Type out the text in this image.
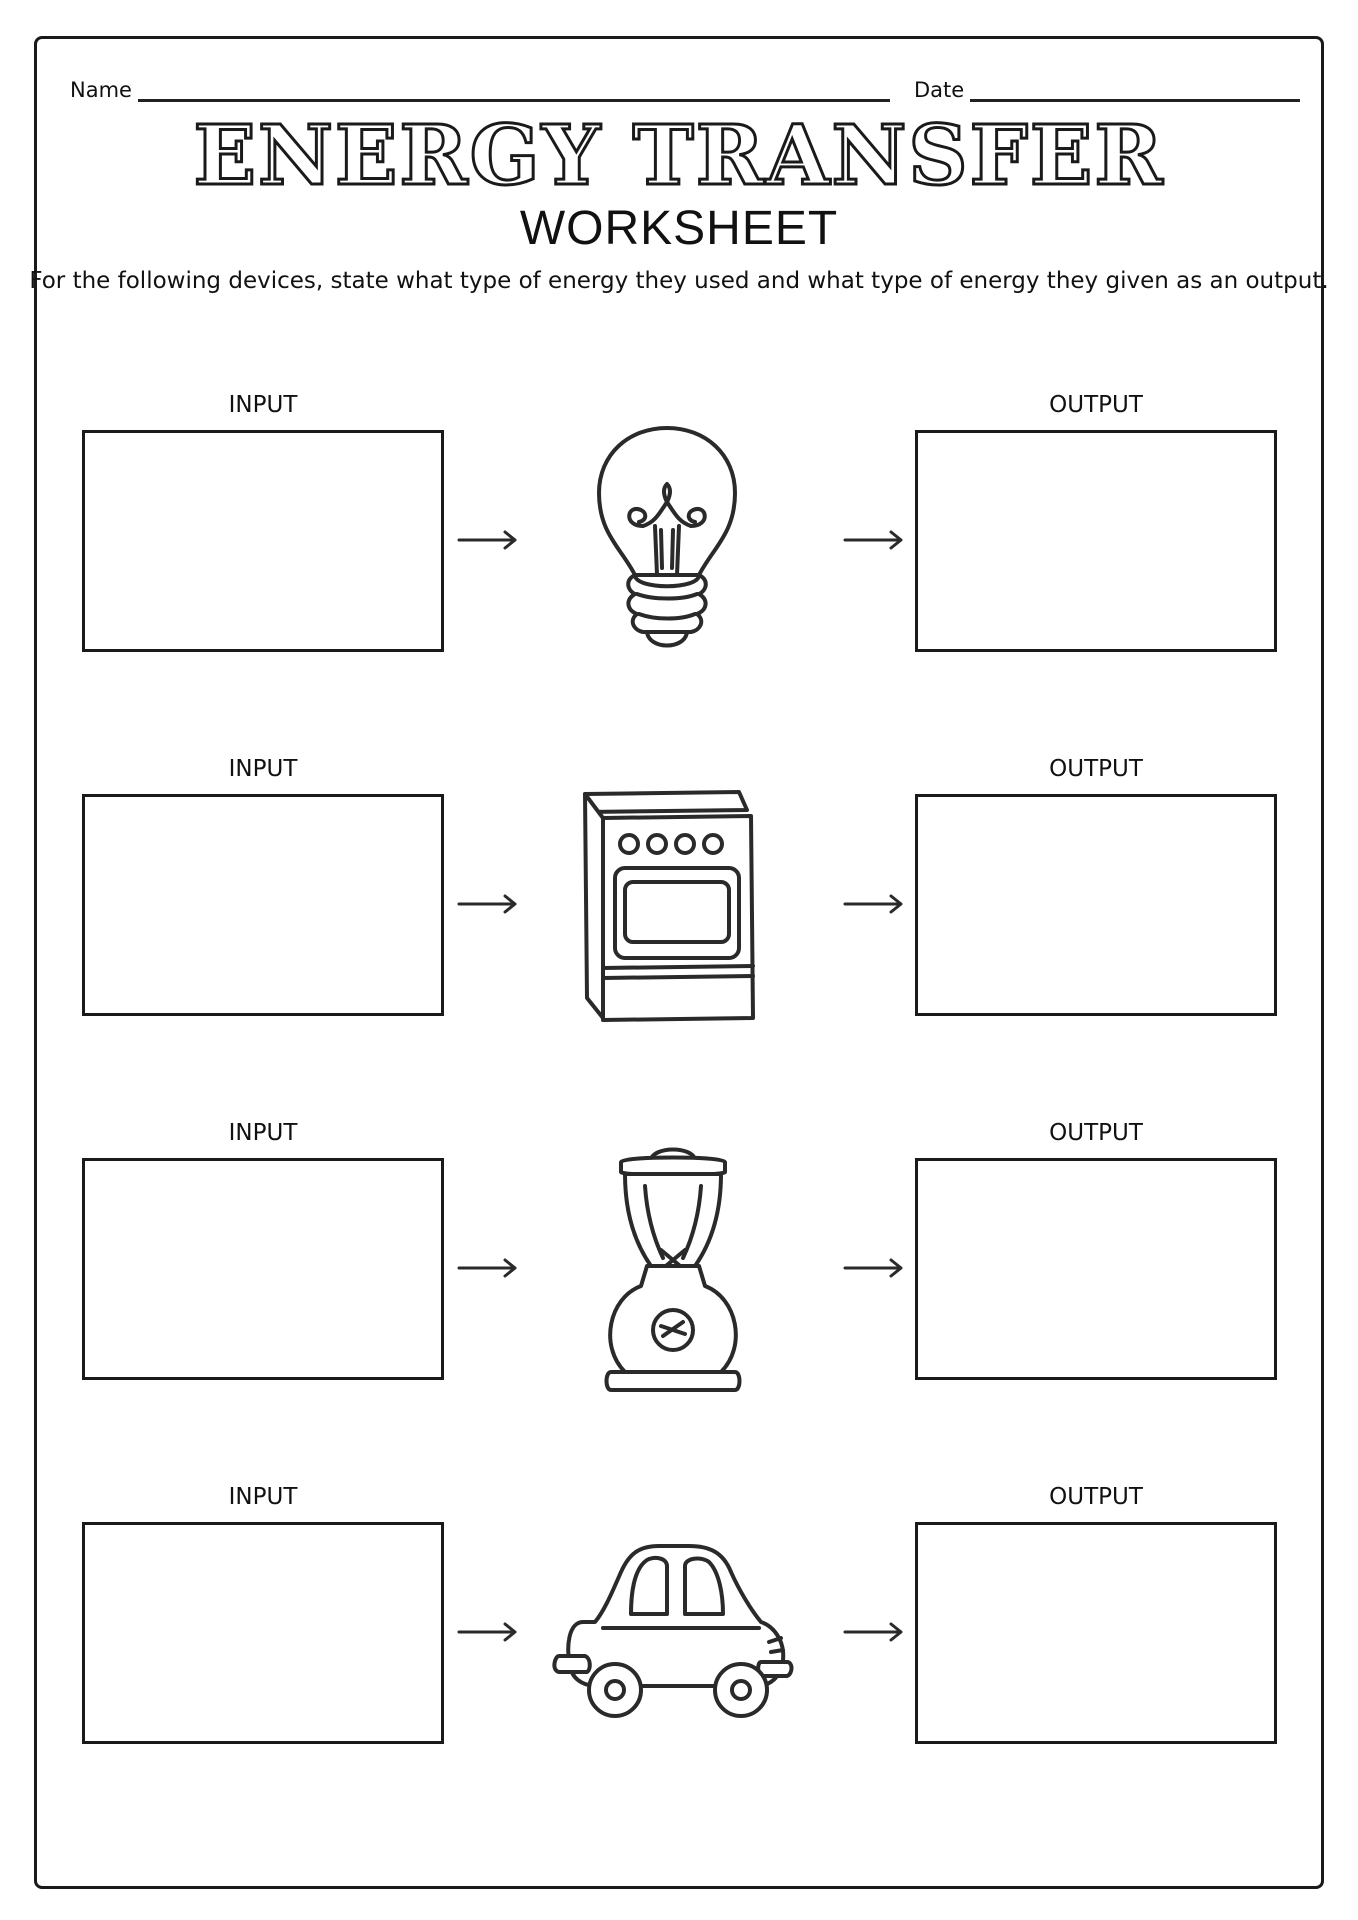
Name	Date
ENERGY TRANSFER
WORKSHEET
For the following devices, state what type of energy they used and what type of energy they given as an output.
INPUT	OUTPUT
INPUT	OUTPUT
INPUT	OUTPUT
INPUT	OUTPUT
